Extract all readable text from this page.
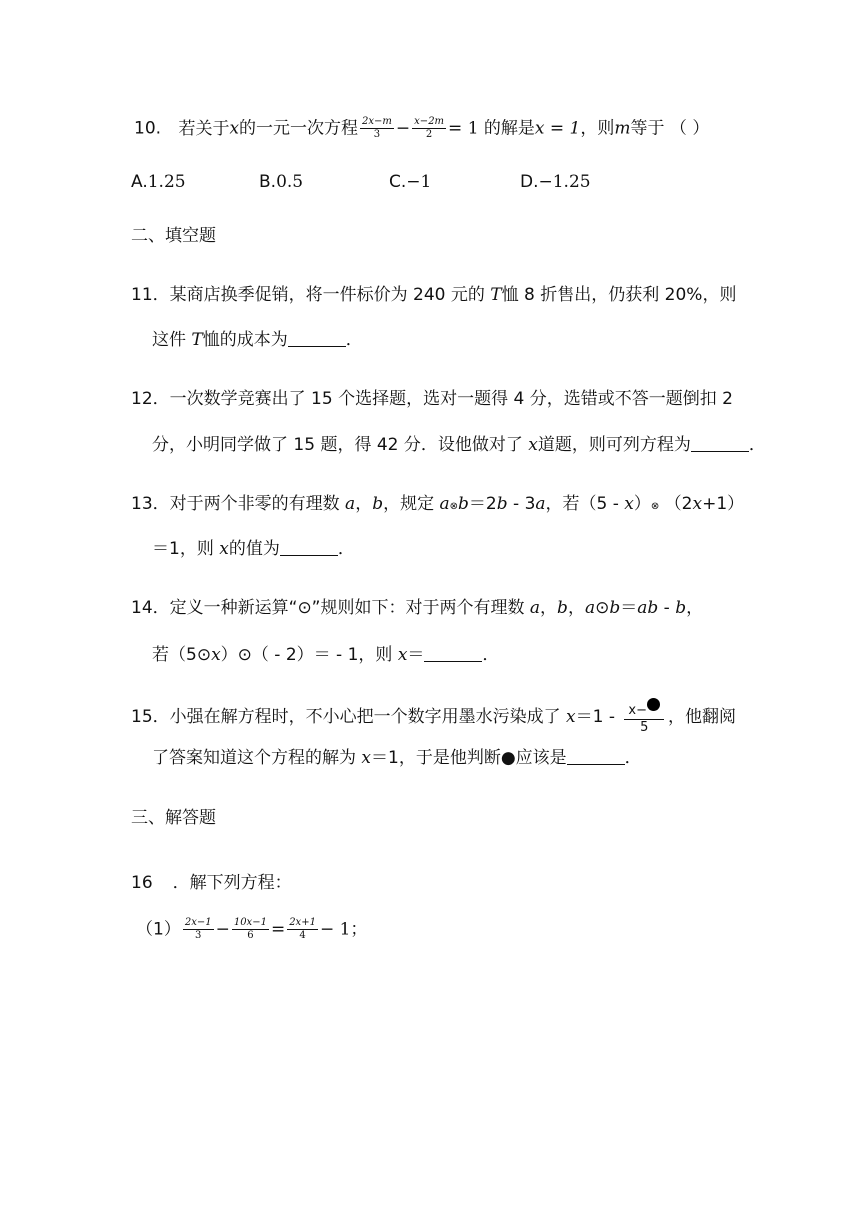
10. 若关于x的一元一次方程 $\frac{2x-m}{3} - \frac{x-2m}{2} = 1$ 的解是x = 1，则m等于 （ ）
A.1.25	B.0.5	C.−1	D.−1.25
二、填空题
11．某商店换季促销，将一件标价为 240 元的 T恤 8 折售出，仍获利 20%，则
这件 T恤的成本为	．
12．一次数学竞赛出了 15 个选择题，选对一题得 4 分，选错或不答一题倒扣 2
分，小明同学做了 15 题，得 42 分．设他做对了 x道题，则可列方程为	．
13．对于两个非零的有理数 a，b，规定 a⊗b＝2b - 3a，若（5 - x）⊗ （2x+1）
＝1，则 x的值为	．
14．定义一种新运算“⊙”规则如下：对于两个有理数 a，b，a⊙b＝ab - b，
若（5⊙x）⊙（ - 2）＝ - 1，则 x＝	．
15．小强在解方程时，不小心把一个数字用墨水污染成了 $x=1 - \frac{x-}{5}$ ，他翻阅
了答案知道这个方程的解为 x＝1，于是他判断●应该是	．
三、解答题
16 ．解下列方程：
$(1) \frac{2x-1}{3} - \frac{10x-1}{6} = \frac{2x+1}{4} - 1$；
